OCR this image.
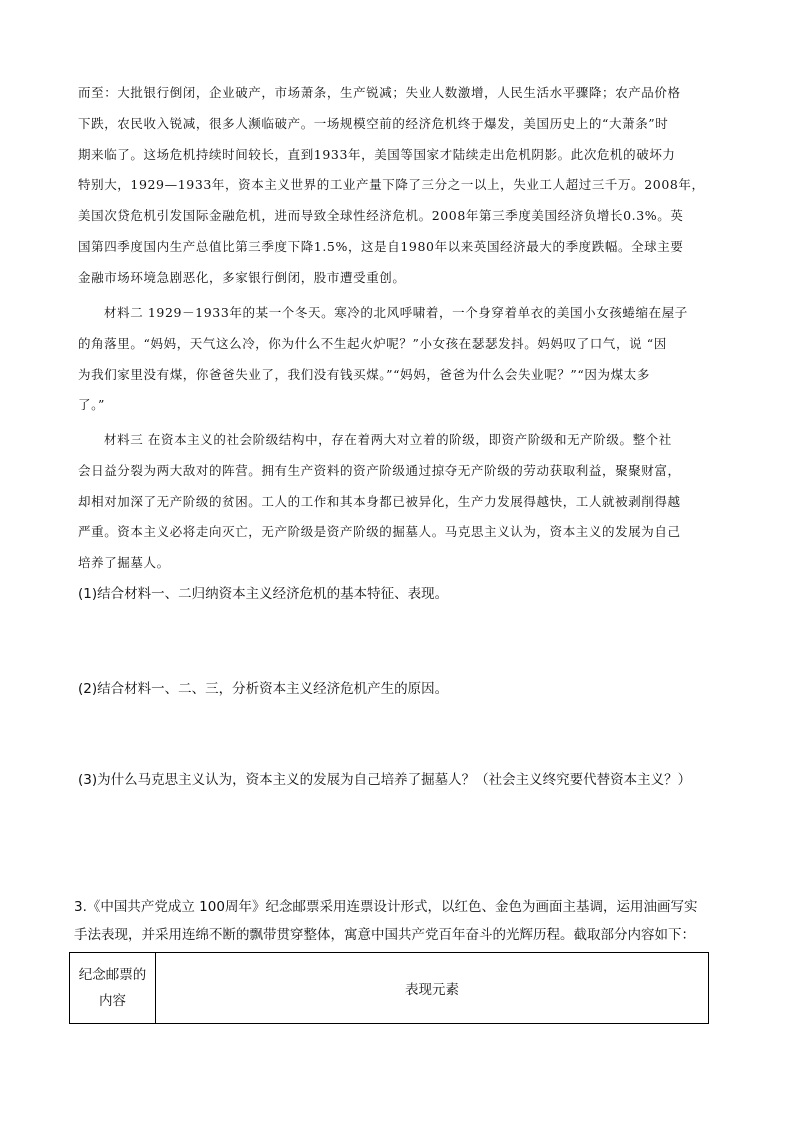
而至：大批银行倒闭，企业破产，市场萧条，生产锐减；失业人数激增，人民生活水平骤降；农产品价格
下跌，农民收入锐减，很多人濒临破产。一场规模空前的经济危机终于爆发，美国历史上的“大萧条”时
期来临了。这场危机持续时间较长，直到1933年，美国等国家才陆续走出危机阴影。此次危机的破坏力
特别大，1929—1933年，资本主义世界的工业产量下降了三分之一以上，失业工人超过三千万。2008年，
美国次贷危机引发国际金融危机，进而导致全球性经济危机。2008年第三季度美国经济负增长0.3%。英
国第四季度国内生产总值比第三季度下降1.5%，这是自1980年以来英国经济最大的季度跌幅。全球主要
金融市场环境急剧恶化，多家银行倒闭，股市遭受重创。
材料二 1929－1933年的某一个冬天。寒冷的北风呼啸着，一个身穿着单衣的美国小女孩蜷缩在屋子
的角落里。“妈妈，天气这么冷，你为什么不生起火炉呢？”小女孩在瑟瑟发抖。妈妈叹了口气，说 “因
为我们家里没有煤，你爸爸失业了，我们没有钱买煤。”“妈妈，爸爸为什么会失业呢？”“因为煤太多
了。”
材料三 在资本主义的社会阶级结构中，存在着两大对立着的阶级，即资产阶级和无产阶级。整个社
会日益分裂为两大敌对的阵营。拥有生产资料的资产阶级通过掠夺无产阶级的劳动获取利益，聚聚财富，
却相对加深了无产阶级的贫困。工人的工作和其本身都已被异化，生产力发展得越快，工人就被剥削得越
严重。资本主义必将走向灭亡，无产阶级是资产阶级的掘墓人。马克思主义认为，资本主义的发展为自己
培养了掘墓人。

(1)结合材料一、二归纳资本主义经济危机的基本特征、表现。

(2)结合材料一、二、三，分析资本主义经济危机产生的原因。

(3)为什么马克思主义认为，资本主义的发展为自己培养了掘墓人？（社会主义终究要代替资本主义？）

3.《中国共产党成立 100周年》纪念邮票采用连票设计形式，以红色、金色为画面主基调，运用油画写实
手法表现，并采用连绵不断的飘带贯穿整体，寓意中国共产党百年奋斗的光辉历程。截取部分内容如下：
纪念邮票的
内容
	表现元素
